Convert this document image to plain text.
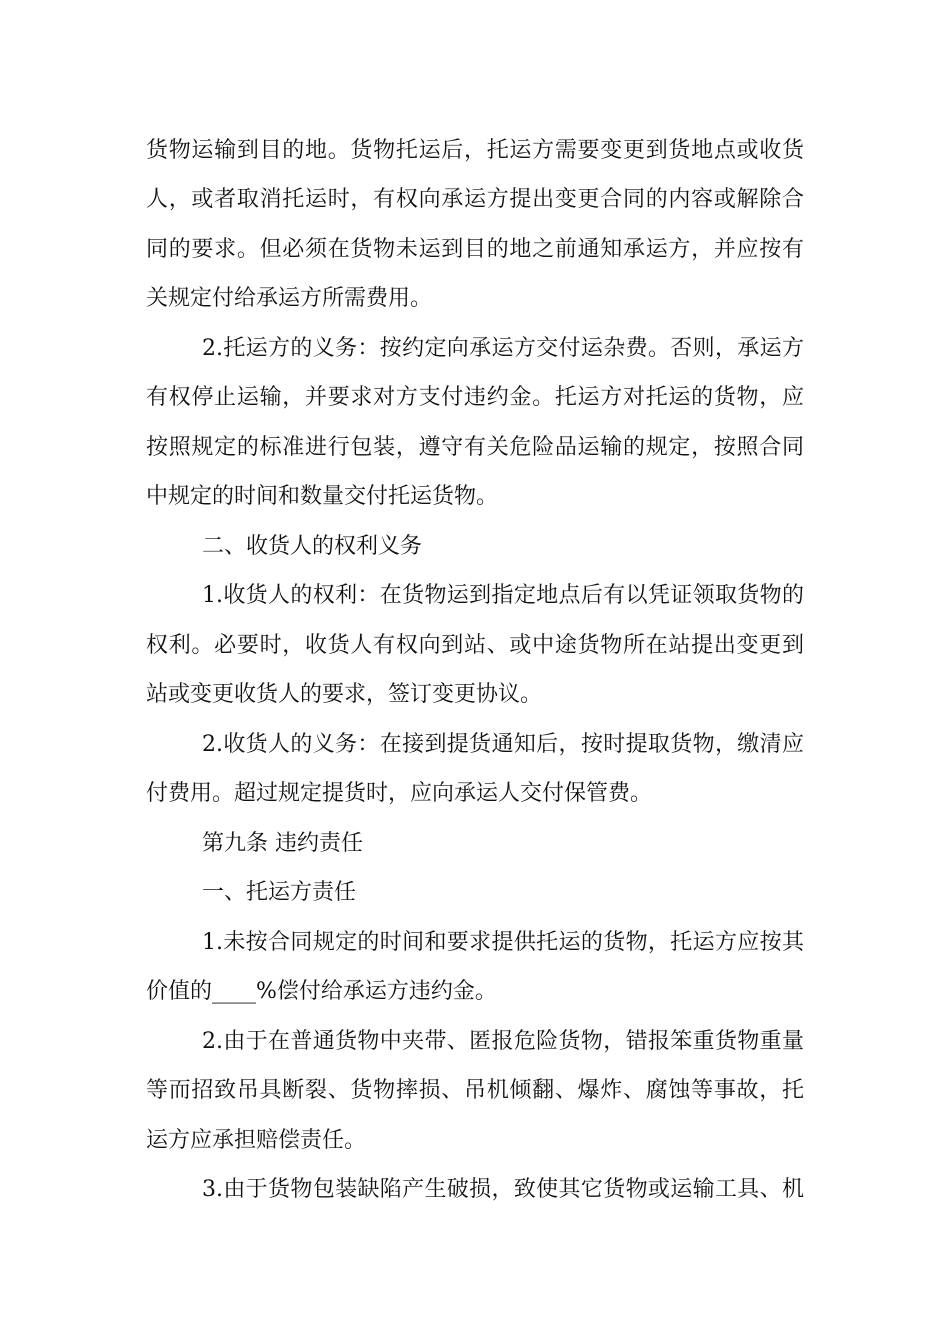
货物运输到目的地。货物托运后，托运方需要变更到货地点或收货
人，或者取消托运时，有权向承运方提出变更合同的内容或解除合
同的要求。但必须在货物未运到目的地之前通知承运方，并应按有
关规定付给承运方所需费用。
2.托运方的义务：按约定向承运方交付运杂费。否则，承运方
有权停止运输，并要求对方支付违约金。托运方对托运的货物，应
按照规定的标准进行包装，遵守有关危险品运输的规定，按照合同
中规定的时间和数量交付托运货物。
二、收货人的权利义务
1.收货人的权利：在货物运到指定地点后有以凭证领取货物的
权利。必要时，收货人有权向到站、或中途货物所在站提出变更到
站或变更收货人的要求，签订变更协议。
2.收货人的义务：在接到提货通知后，按时提取货物，缴清应
付费用。超过规定提货时，应向承运人交付保管费。
第九条 违约责任
一、托运方责任
1.未按合同规定的时间和要求提供托运的货物，托运方应按其
价值的____%偿付给承运方违约金。
2.由于在普通货物中夹带、匿报危险货物，错报笨重货物重量
等而招致吊具断裂、货物摔损、吊机倾翻、爆炸、腐蚀等事故，托
运方应承担赔偿责任。
3.由于货物包装缺陷产生破损，致使其它货物或运输工具、机
